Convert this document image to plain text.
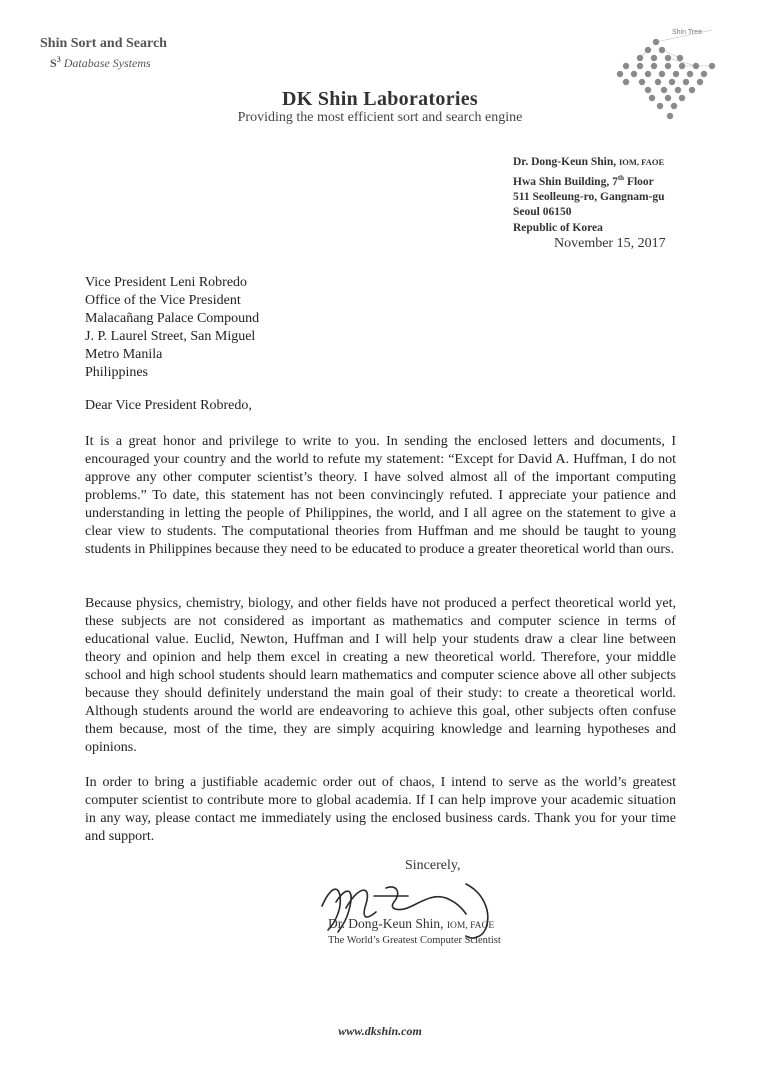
Shin Sort and Search
$S^3$ Database Systems
Shin Tree
DK Shin Laboratories
Providing the most efficient sort and search engine
Dr. Dong-Keun Shin, IOM, FAOE
Hwa Shin Building, 7th Floor
511 Seolleung-ro, Gangnam-gu
Seoul 06150
Republic of Korea
November 15, 2017
Vice President Leni Robredo
Office of the Vice President
Malacañang Palace Compound
J. P. Laurel Street, San Miguel
Metro Manila
Philippines
Dear Vice President Robredo,
It is a great honor and privilege to write to you. In sending the enclosed letters and documents, I encouraged your country and the world to refute my statement: “Except for David A. Huffman, I do not approve any other computer scientist’s theory. I have solved almost all of the important computing problems.” To date, this statement has not been convincingly refuted. I appreciate your patience and understanding in letting the people of Philippines, the world, and I all agree on the statement to give a clear view to students. The computational theories from Huffman and me should be taught to young students in Philippines because they need to be educated to produce a greater theoretical world than ours.
Because physics, chemistry, biology, and other fields have not produced a perfect theoretical world yet, these subjects are not considered as important as mathematics and computer science in terms of educational value. Euclid, Newton, Huffman and I will help your students draw a clear line between theory and opinion and help them excel in creating a new theoretical world. Therefore, your middle school and high school students should learn mathematics and computer science above all other subjects because they should definitely understand the main goal of their study: to create a theoretical world. Although students around the world are endeavoring to achieve this goal, other subjects often confuse them because, most of the time, they are simply acquiring knowledge and learning hypotheses and opinions.
In order to bring a justifiable academic order out of chaos, I intend to serve as the world’s greatest computer scientist to contribute more to global academia. If I can help improve your academic situation in any way, please contact me immediately using the enclosed business cards. Thank you for your time and support.
Sincerely,
Dr. Dong-Keun Shin, IOM, FAOE
The World’s Greatest Computer Scientist
www.dkshin.com
